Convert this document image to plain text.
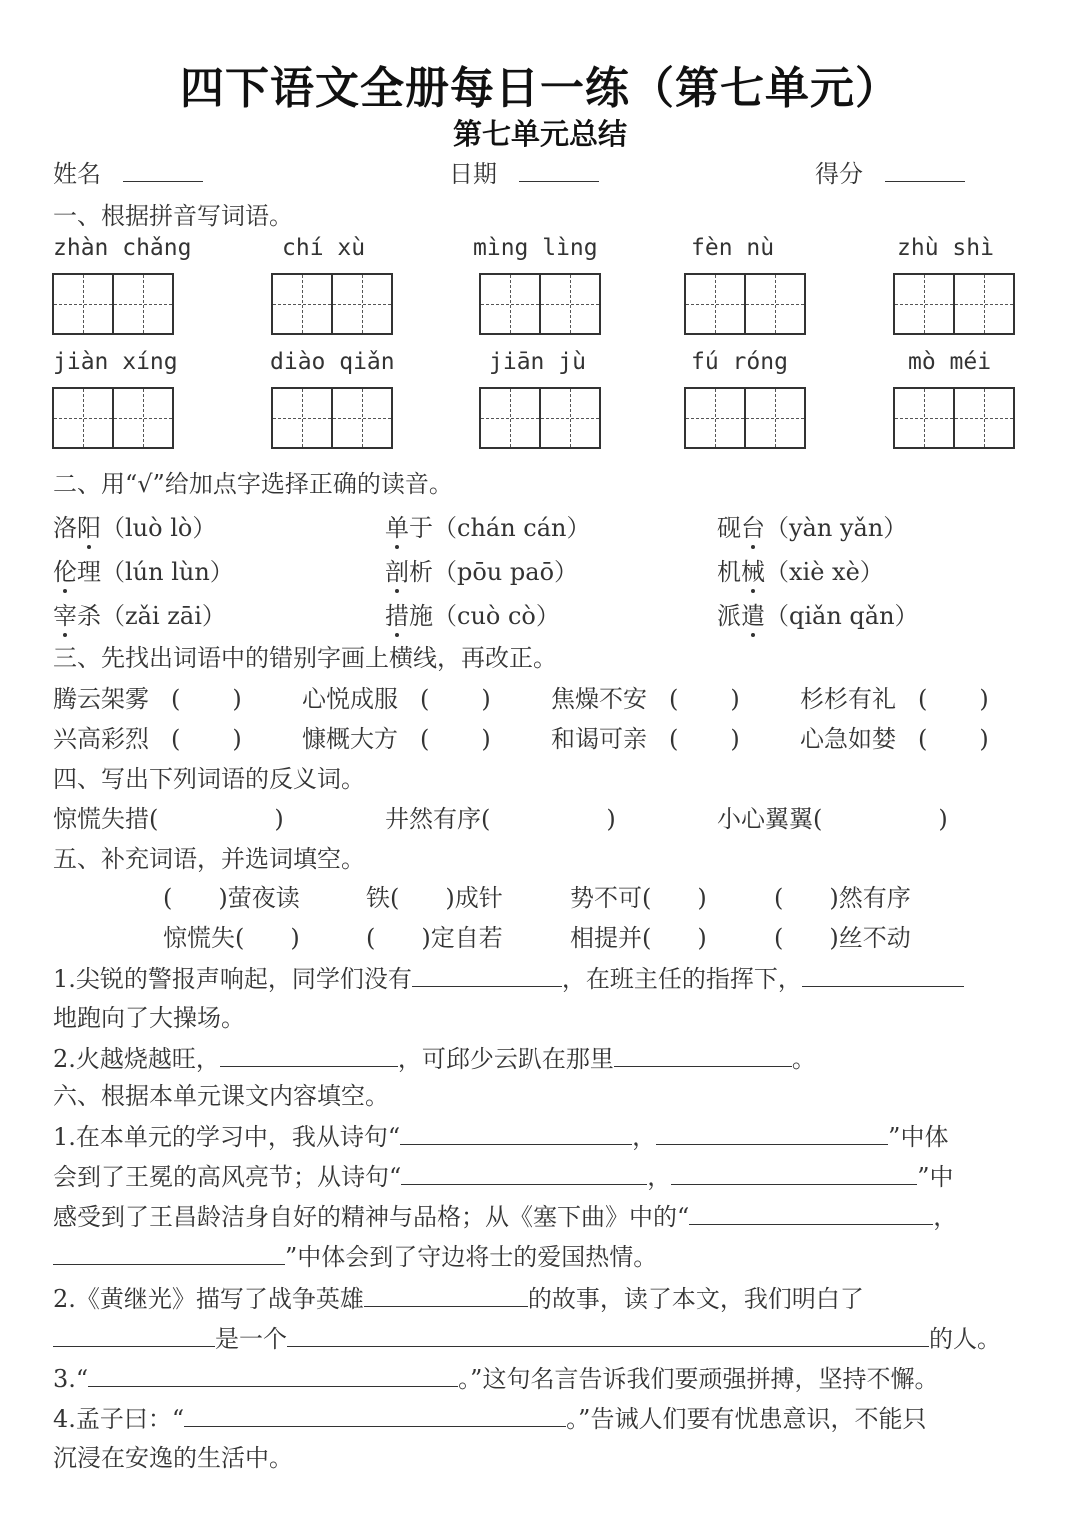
四下语文全册每日一练（第七单元）
第七单元总结
姓名	日期	得分
一、根据拼音写词语。
zhàn chǎng	chí xù	mìng lìng	fèn nù	zhù shì
jiàn xíng	diào qiǎn	jiān jù	fú róng	mò méi
二、用“√”给加点字选择正确的读音。
洛阳（luò lò）	单于（chán cán）	砚台（yàn yǎn）
伦理（lún lùn）	剖析（pōu paō）	机械（xiè xè）
宰杀（zǎi zāi）	措施（cuò cò）	派遣（qiǎn qǎn）
三、先找出词语中的错别字画上横线，再改正。
腾云架雾 ( )	心悦成服 ( )	焦燥不安 ( )	杉杉有礼 ( )
兴高彩烈 ( )	慷概大方 ( )	和谒可亲 ( )	心急如婪 ( )
四、写出下列词语的反义词。
惊慌失措(	)	井然有序(	)	小心翼翼(	)
五、补充词语，并选词填空。
( )萤夜读	铁( )成针	势不可( )	( )然有序
惊慌失( )	( )定自若	相提并( )	( )丝不动
1.尖锐的警报声响起，同学们没有	，在班主任的指挥下，
地跑向了大操场。
2.火越烧越旺，	，可邱少云趴在那里	。
六、根据本单元课文内容填空。
1.在本单元的学习中，我从诗句“	，	”中体
会到了王冕的高风亮节；从诗句“	，	”中
感受到了王昌龄洁身自好的精神与品格；从《塞下曲》中的“	，
”中体会到了守边将士的爱国热情。
2.《黄继光》描写了战争英雄	的故事，读了本文，我们明白了
是一个	的人。
3.“	。”这句名言告诉我们要顽强拼搏，坚持不懈。
4.孟子曰：“	。”告诫人们要有忧患意识，不能只
沉浸在安逸的生活中。
